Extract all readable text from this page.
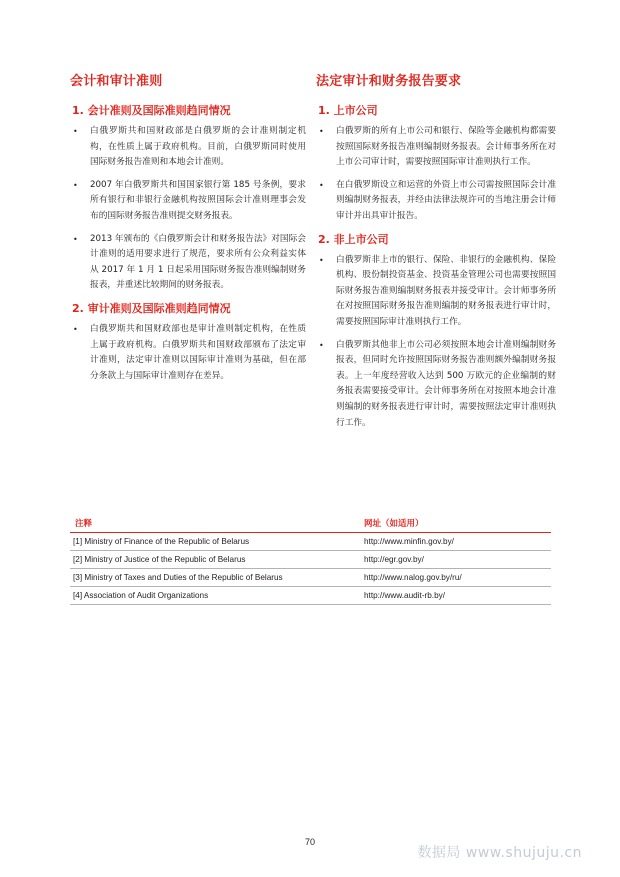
会计和审计准则
1. 会计准则及国际准则趋同情况
• 白俄罗斯共和国财政部是白俄罗斯的会计准则制定机构，在性质上属于政府机构。目前，白俄罗斯同时使用国际财务报告准则和本地会计准则。
• 2007 年白俄罗斯共和国国家银行第 185 号条例，要求所有银行和非银行金融机构按照国际会计准则理事会发布的国际财务报告准则提交财务报表。
• 2013 年颁布的《白俄罗斯会计和财务报告法》对国际会计准则的适用要求进行了规范，要求所有公众利益实体从 2017 年 1 月 1 日起采用国际财务报告准则编制财务报表，并重述比较期间的财务报表。
2. 审计准则及国际准则趋同情况
• 白俄罗斯共和国财政部也是审计准则制定机构，在性质上属于政府机构。白俄罗斯共和国财政部颁布了法定审计准则，法定审计准则以国际审计准则为基础，但在部分条款上与国际审计准则存在差异。
法定审计和财务报告要求
1. 上市公司
• 白俄罗斯的所有上市公司和银行、保险等金融机构都需要按照国际财务报告准则编制财务报表。会计师事务所在对上市公司审计时，需要按照国际审计准则执行工作。
• 在白俄罗斯设立和运营的外资上市公司需按照国际会计准则编制财务报表，并经由法律法规许可的当地注册会计师审计并出具审计报告。
2. 非上市公司
• 白俄罗斯非上市的银行、保险、非银行的金融机构、保险机构、股份制投资基金、投资基金管理公司也需要按照国际财务报告准则编制财务报表并接受审计。会计师事务所在对按照国际财务报告准则编制的财务报表进行审计时，需要按照国际审计准则执行工作。
• 白俄罗斯其他非上市公司必须按照本地会计准则编制财务报表，但同时允许按照国际财务报告准则额外编制财务报表。上一年度经营收入达到 500 万欧元的企业编制的财务报表需要接受审计。会计师事务所在对按照本地会计准则编制的财务报表进行审计时，需要按照法定审计准则执行工作。
注释	网址（如适用）
[1] Ministry of Finance of the Republic of Belarus	http://www.minfin.gov.by/
[2] Ministry of Justice of the Republic of Belarus	http://egr.gov.by/
[3] Ministry of Taxes and Duties of the Republic of Belarus	http://www.nalog.gov.by/ru/
[4] Association of Audit Organizations	http://www.audit-rb.by/
70
数据局 www.shujuju.cn
